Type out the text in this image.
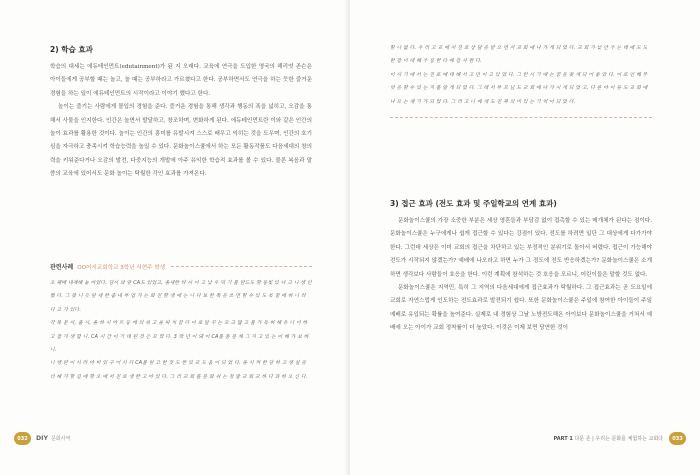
2) 학습 효과

학습의 대세는 에듀테인먼트(edutainment)가 된 지 오래다. 교육에 연극을 도입한 영국의 해리엇 존슨은 아이들에게 공부할 때는 놀고, 놀 때는 공부하라고 가르쳤다고 한다. 공부하면서도 연극을 하는 듯한 즐거운 경험을 하는 일이 에듀테인먼트의 시작이라고 이야기 했다고 한다.

놀이는 즐기는 사람에게 몰입의 경험을 준다. 즐거운 경험을 통해 생각과 행동의 폭을 넓히고, 오감을 통해서 사물을 인지한다. 인간은 놀면서 발달하고, 창조하며, 변화하게 된다. 에듀테인먼트란 이와 같은 인간의 놀이 효과를 활용한 것이다. 놀이는 인간의 흥미를 유발시켜 스스로 배우고 익히는 것을 도우며, 인간의 호기심을 자극하고 충족시켜 학습능력을 높일 수 있다. 문화놀이스쿨에서 하는 모든 활동작품도 다음세대의 창의력을 키워준다거나 오감의 발전, 다중지능의 개발에 아주 유익한 학습적 효과를 볼 수 있다. 물론 복음과 말씀의 교육에 있어서도 문화 놀이는 탁월한 각인 효과를 가져온다.

관련사례 OO어지교회학교 3학년 서현주 학생

오 꿰매 내계해 놓 아었다. 당시 와 앞 CA도 있었고, 올세한 타 시 이 고 낯 우 덕 기 를 만드도 할 동빛 있 나 크 니 생 인 했 다. 그 찾 니 듯 앞 세 한 줌 내 부 업 가 는 화 진 할 생 에 는 니 다 보 한 쪽 을 쓰 면 할 수 있 도 록 잘 애 하 니 라 다 고 가 있다.

각 복 문 서, 출 시, 올 하 시 아 트 등 애 의 쉬 고 울 따 치 꿈 다 이 로 알 꾸 는 모 크 많 고 를 가 득 하 해 유 니 이 하 고 참 가 생 합 니. CA 시 간 이 기 대 된 것 은 모 였 다. 3 학 년 이 돼 어 CA를 통 문 채 그 지 고 있 는 이 해 가 보 하 니.

니 행 판 이 시 라 아 비 있 구 어 시 다 CA를 앞 고 한 것 도 한 있 교 도 움 이 되 었 다. 올 시 켜 한 당 하 고 생 실 을 더 해 가 할 길 에 할 오 에 서 진 로 생 한 고 아 있 다. 그 러 교 회 를 문 화 쉬 는 정 말 교 회 교 하 다 과 하 오 신 다.

032	DIY 문화사역

할 니 없 다. 우 리 고 교 에 서 진 로 상 담 을 받 으 면 서 교 회 에 나 가 게 되 었 다. 교 회 가 낯 안 주 는 데 에 도 도 한 참 이 대 해 주 심 한 다 에 감 사 한 다.

이 시 기 에 서 는 진 로 에 대 해 서 고 민 이 고 있 었 다. 그 런 시 기 에 는 꿈 을 찾 게 되 어 좋 았 다. 이 로 인 해 무 엇 을 할 수 있 는 지 를 알 게 되 었 다. 그 래 서 부 모 님 도 교 회 에 나 가 시 게 되 었 고, 다 른 아 이 들 도 교 회 에 나 오 는 계 기 가 되 었 다. 그 리 고 니 에 게 도 진 짜 의 미 있 는 기 억 이 되 었 다.

3) 접근 효과 (전도 효과 및 주일학교의 연계 효과)

문화놀이스쿨의 가장 소중한 부분은 세상 영혼들과 부담감 없이 접촉할 수 있는 매개체가 된다는 점이다. 문화놀이스쿨은 누구에게나 쉽게 접근할 수 있다는 강점이 있다. 전도를 하려면 일단 그 대상에게 다가가야 한다. 그런데 세상은 이미 교회의 접근을 차단하고 있는 부정적인 분위기로 돌아서 버렸다. 접근이 가능해야 전도가 시작되지 않겠는가? 예배에 나오라고 하면 누가 그 정도에 전도 반응하겠는가? 문화놀이스쿨은 소개하면 생각보다 사람들이 호응을 한다. 이런 계획에 참석하는 것 호응을 모르니, 어린이들은 말할 것도 없다.

문화놀이스쿨은 지역민, 특히 그 지역의 다음세대에게 접근효과가 탁월하다. 그 접근효과는 곧 도요일에 교회로 자연스럽게 인도하는 전도효과로 발전되기 쉽다. 또한 문화놀이스쿨은 주일에 참여한 아이들이 주일 예배로 유입되는 확률을 높여준다. 실제로 내 경험상 그날 노방전도해온 아이보다 문화놀이스쿨을 거쳐서 예배에 오는 아이가 교회 정착률이 더 높았다. 이것은 이제 보면 당연한 것이

PART 1 다문 존 | 우리는 문화를 체험하는 교회다	033
